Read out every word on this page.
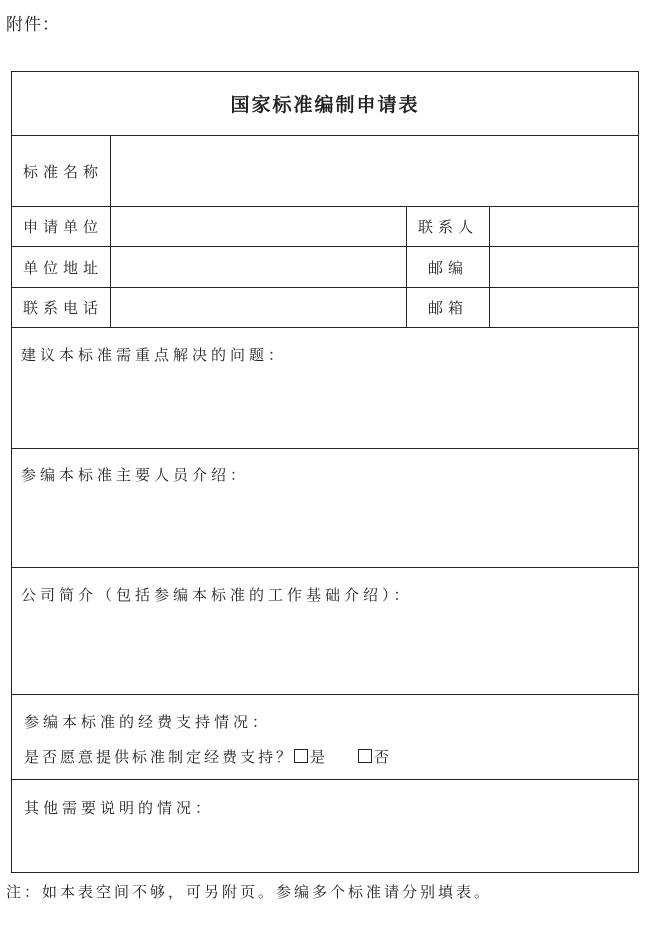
附件：
国家标准编制申请表
标准名称
申请单位	联系人
单位地址	邮编
联系电话	邮箱
建议本标准需重点解决的问题：
参编本标准主要人员介绍：
公司简介（包括参编本标准的工作基础介绍）：
参编本标准的经费支持情况：
是否愿意提供标准制定经费支持？ 是	否
其他需要说明的情况：
注：如本表空间不够，可另附页。参编多个标准请分别填表。
